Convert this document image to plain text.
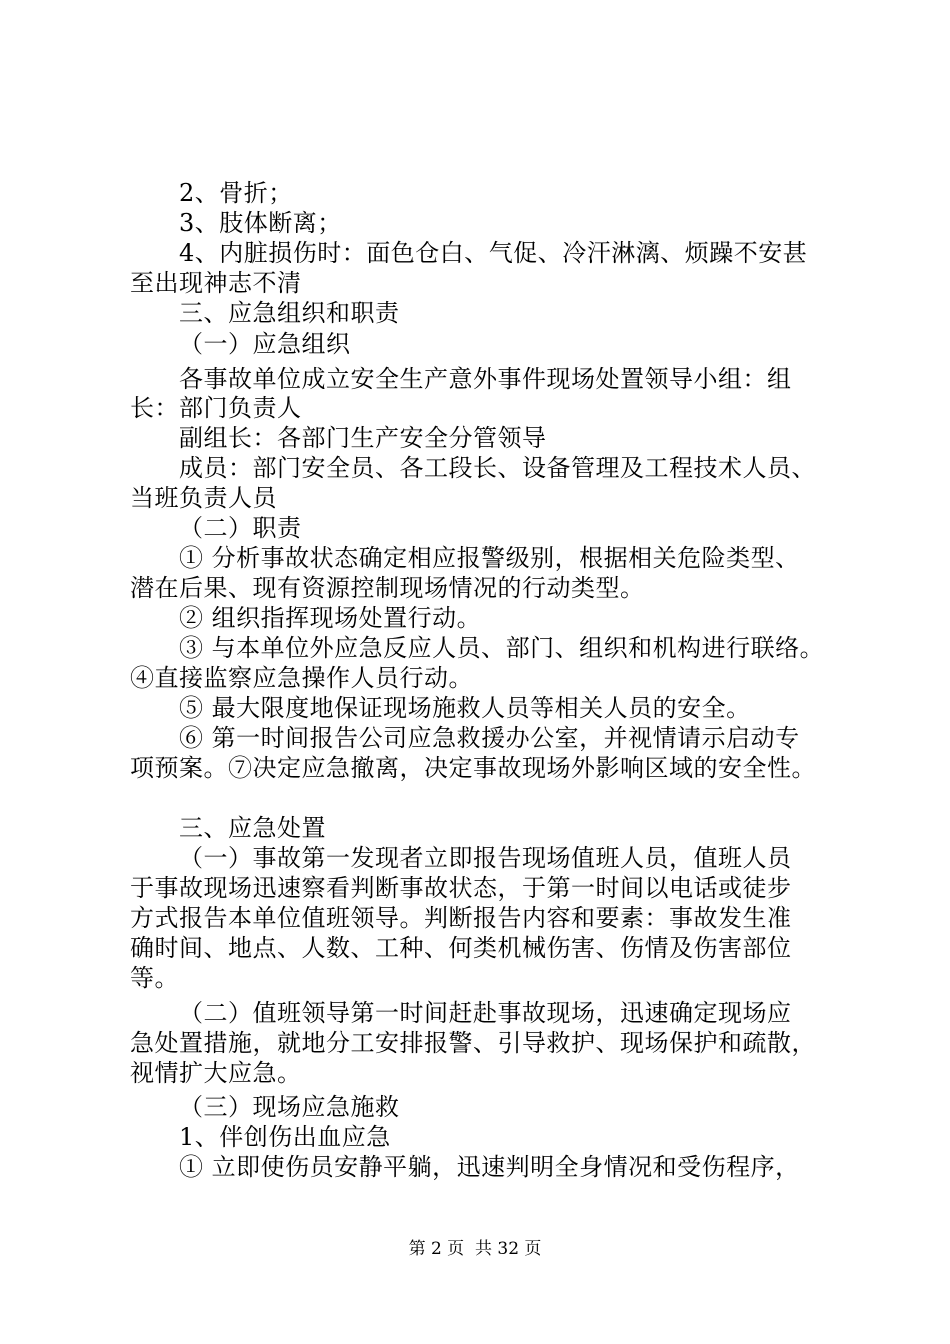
2、骨折；
3、肢体断离；
4、内脏损伤时：面色仓白、气促、冷汗淋漓、烦躁不安甚
至出现神志不清
三、应急组织和职责
（一）应急组织
各事故单位成立安全生产意外事件现场处置领导小组：组
长：部门负责人
副组长：各部门生产安全分管领导
成员：部门安全员、各工段长、设备管理及工程技术人员、
当班负责人员
（二）职责
① 分析事故状态确定相应报警级别，根据相关危险类型、
潜在后果、现有资源控制现场情况的行动类型。
② 组织指挥现场处置行动。
③ 与本单位外应急反应人员、部门、组织和机构进行联络。
④直接监察应急操作人员行动。
⑤ 最大限度地保证现场施救人员等相关人员的安全。
⑥ 第一时间报告公司应急救援办公室，并视情请示启动专
项预案。⑦决定应急撤离，决定事故现场外影响区域的安全性。
三、应急处置
（一）事故第一发现者立即报告现场值班人员，值班人员
于事故现场迅速察看判断事故状态，于第一时间以电话或徒步
方式报告本单位值班领导。判断报告内容和要素：事故发生准
确时间、地点、人数、工种、何类机械伤害、伤情及伤害部位
等。
（二）值班领导第一时间赶赴事故现场，迅速确定现场应
急处置措施，就地分工安排报警、引导救护、现场保护和疏散，
视情扩大应急。
（三）现场应急施救
1、伴创伤出血应急
① 立即使伤员安静平躺，迅速判明全身情况和受伤程序，
第 2 页  共 32 页
